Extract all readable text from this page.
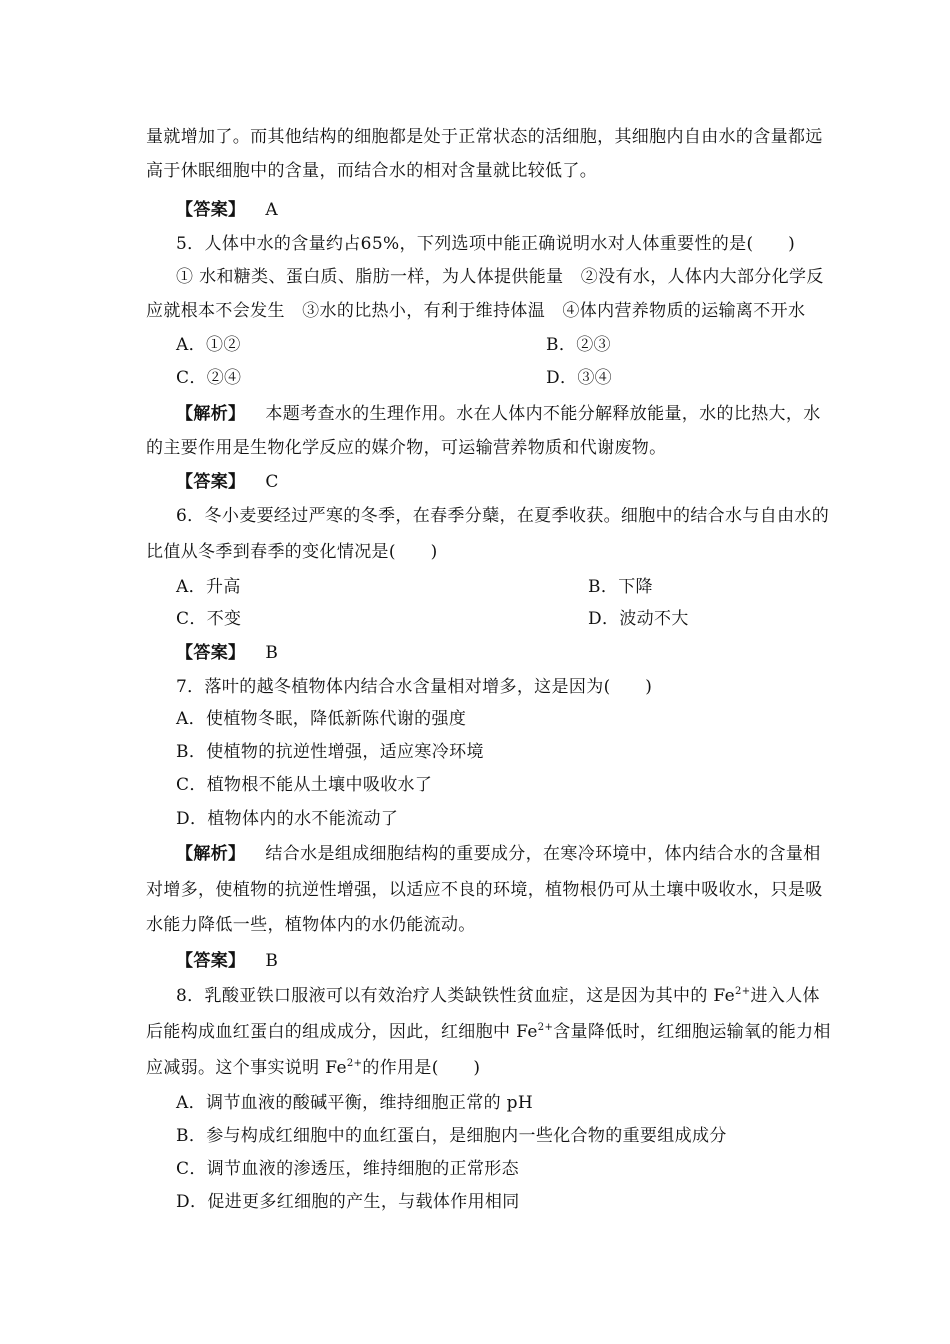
量就增加了。而其他结构的细胞都是处于正常状态的活细胞，其细胞内自由水的含量都远
高于休眠细胞中的含量，而结合水的相对含量就比较低了。
【答案】 A
5．人体中水的含量约占65%，下列选项中能正确说明水对人体重要性的是(　　)
① 水和糖类、蛋白质、脂肪一样，为人体提供能量　②没有水，人体内大部分化学反
应就根本不会发生　③水的比热小，有利于维持体温　④体内营养物质的运输离不开水
A．①②	B．②③
C．②④	D．③④
【解析】 本题考查水的生理作用。水在人体内不能分解释放能量，水的比热大，水
的主要作用是生物化学反应的媒介物，可运输营养物质和代谢废物。
【答案】 C
6．冬小麦要经过严寒的冬季，在春季分蘖，在夏季收获。细胞中的结合水与自由水的
比值从冬季到春季的变化情况是(　　)
A．升高	B．下降
C．不变	D．波动不大
【答案】 B
7．落叶的越冬植物体内结合水含量相对增多，这是因为(　　)
A．使植物冬眠，降低新陈代谢的强度
B．使植物的抗逆性增强，适应寒冷环境
C．植物根不能从土壤中吸收水了
D．植物体内的水不能流动了
【解析】 结合水是组成细胞结构的重要成分，在寒冷环境中，体内结合水的含量相
对增多，使植物的抗逆性增强，以适应不良的环境，植物根仍可从土壤中吸收水，只是吸
水能力降低一些，植物体内的水仍能流动。
【答案】 B
8．乳酸亚铁口服液可以有效治疗人类缺铁性贫血症，这是因为其中的 $Fe^{2+}$进入人体
后能构成血红蛋白的组成成分，因此，红细胞中 $Fe^{2+}$含量降低时，红细胞运输氧的能力相
应减弱。这个事实说明 $Fe^{2+}$的作用是(　　)
A．调节血液的酸碱平衡，维持细胞正常的 pH
B．参与构成红细胞中的血红蛋白，是细胞内一些化合物的重要组成成分
C．调节血液的渗透压，维持细胞的正常形态
D．促进更多红细胞的产生，与载体作用相同
